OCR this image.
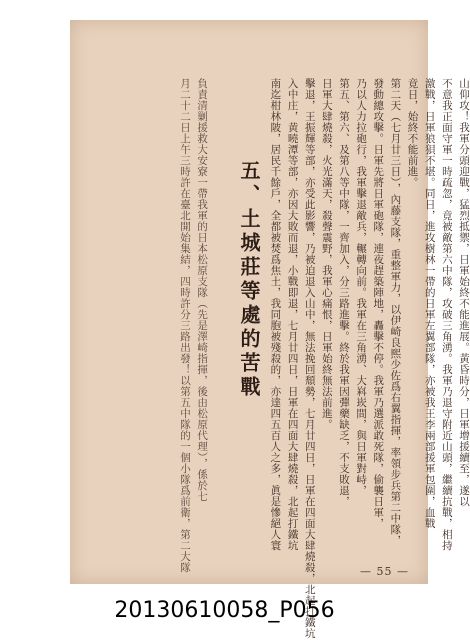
山仰攻！我軍分頭迎戰，猛烈抵禦，日軍始終不能進展。黃昏時分，日軍增援續至，遂以
不意我正面守軍一時疏忽，竟被敵第六中隊，攻破三角湧。我軍乃退守附近山頭，繼續抗戰，相持
激戰，日軍狼狽不堪。同日，進攻樹林一帶的日軍左翼部隊，亦被我王李兩部援軍包圍，血戰
竟日，始終不能前進。
第二天（七月廿三日），內藤支隊，重整軍力，以伊崎良熙少佐爲右翼指揮，率領步兵第二中隊，
發動總攻擊。日軍先將日軍砲隊，連夜趕築陣地，轟擊不停。我軍乃選派敢死隊，偷襲日軍，
乃以人力拉砲行，我軍擊退敵兵，輾轉向前。我軍在三角湧、大嵙崁間，與日軍對峙，
第五、第六、及第八等中隊，一齊加入，分三路進擊。終於我軍因彈藥缺乏，不支敗退，
日軍大肆燒殺，火光滿天，殺聲震野，我軍心痛恨，日軍始終無法前進。
擊退，王振輝等部，亦受此影響，乃被迫退入山中，無法挽回頹勢，七月廿四日，日軍在四面大肆燒殺，北起打鐵坑
入中庄，黄曉潭等部，亦因大敗而退，小戰即退，七月廿四日，日軍在四面大肆燒殺，北起打鐵坑
南迄柑林陂，居民千餘戶，全都被焚爲焦土，我同胞被殘殺的，亦達四五百人之多，眞是慘絕人寰
負責清剿援救大安寮一帶我軍的日本松原支隊（先是澤崎指揮，後由松原代理），係於七
月二十二日上午三時許在臺北開始集結，四時許分三路出發！以第五中隊的一個小隊爲前衛，第二大隊 五、土城莊等處的苦戰
— 55 —
20130610058_P056
